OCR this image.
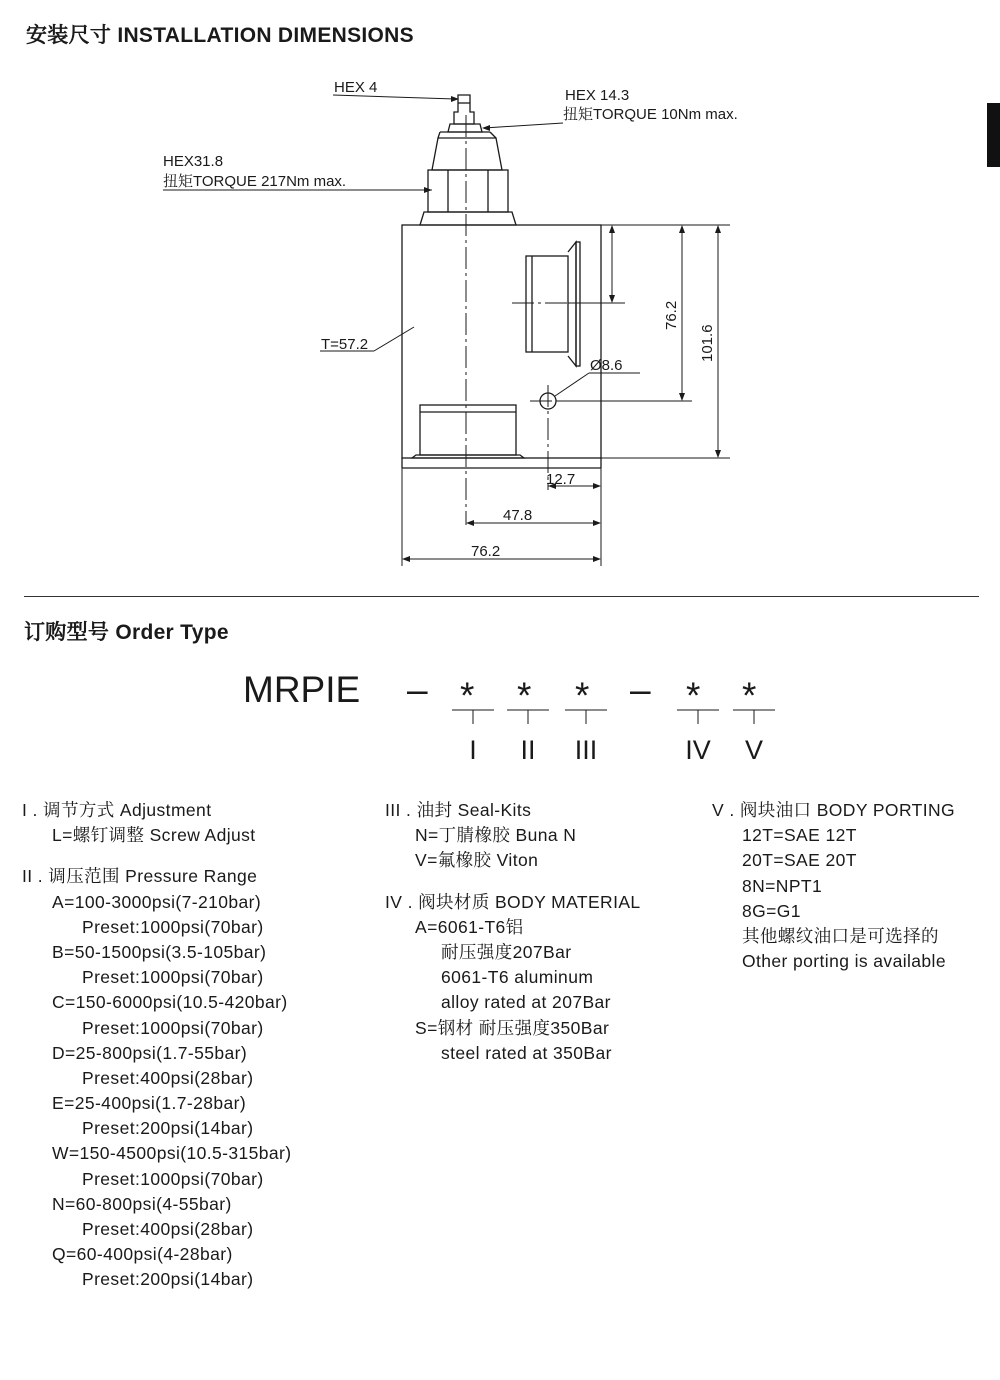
安装尺寸 INSTALLATION DIMENSIONS
HEX 4	HEX 14.3
扭矩TORQUE 10Nm max.
HEX31.8
扭矩TORQUE 217Nm max.
T=57.2
Ø8.6
76.2
101.6
12.7
47.8
76.2
订购型号 Order Type
MRPIE –	–
* * *	* *
I II III	IV V
I . 调节方式 Adjustment
L=螺钉调整 Screw Adjust
II . 调压范围 Pressure Range
A=100-3000psi(7-210bar)
Preset:1000psi(70bar)
B=50-1500psi(3.5-105bar)
Preset:1000psi(70bar)
C=150-6000psi(10.5-420bar)
Preset:1000psi(70bar)
D=25-800psi(1.7-55bar)
Preset:400psi(28bar)
E=25-400psi(1.7-28bar)
Preset:200psi(14bar)
W=150-4500psi(10.5-315bar)
Preset:1000psi(70bar)
N=60-800psi(4-55bar)
Preset:400psi(28bar)
Q=60-400psi(4-28bar)
Preset:200psi(14bar)
III . 油封 Seal-Kits
N=丁腈橡胶 Buna N
V=氟橡胶 Viton
IV . 阀块材质 BODY MATERIAL
A=6061-T6铝
耐压强度207Bar
6061-T6 aluminum
alloy rated at 207Bar
S=钢材 耐压强度350Bar
steel rated at 350Bar
V . 阀块油口 BODY PORTING
12T=SAE 12T
20T=SAE 20T
8N=NPT1
8G=G1
其他螺纹油口是可选择的
Other porting is available
